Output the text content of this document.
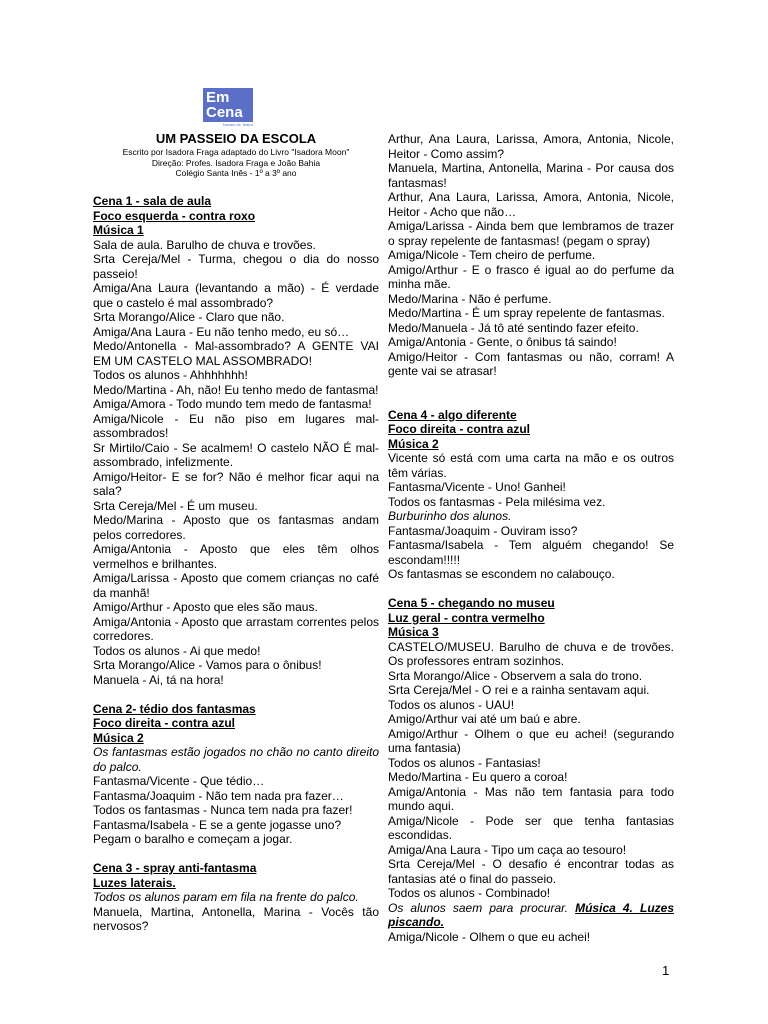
Em
Cena
Núcleo de Teatro
UM PASSEIO DA ESCOLA
Escrito por Isadora Fraga adaptado do Livro "Isadora Moon"
Direção: Profes. Isadora Fraga e João Bahia
Colégio Santa Inês - 1º a 3º ano

Cena 1 - sala de aula

Foco esquerda - contra roxo

Música 1

Sala de aula. Barulho de chuva e trovões.

Srta Cereja/Mel - Turma, chegou o dia do nosso passeio!

Amiga/Ana Laura (levantando a mão) - É verdade que o castelo é mal assombrado?

Srta Morango/Alice - Claro que não.

Amiga/Ana Laura - Eu não tenho medo, eu só…

Medo/Antonella - Mal-assombrado? A GENTE VAI EM UM CASTELO MAL ASSOMBRADO!

Todos os alunos - Ahhhhhhh!

Medo/Martina - Ah, não! Eu tenho medo de fantasma!

Amiga/Amora - Todo mundo tem medo de fantasma!

Amiga/Nicole - Eu não piso em lugares mal-assombrados!

Sr Mirtilo/Caio - Se acalmem! O castelo NÃO É mal-assombrado, infelizmente.

Amigo/Heitor- E se for? Não é melhor ficar aqui na sala?

Srta Cereja/Mel - É um museu.

Medo/Marina - Aposto que os fantasmas andam pelos corredores.

Amiga/Antonia - Aposto que eles têm olhos vermelhos e brilhantes.

Amiga/Larissa - Aposto que comem crianças no café da manhã!

Amigo/Arthur - Aposto que eles são maus.

Amiga/Antonia - Aposto que arrastam correntes pelos corredores.

Todos os alunos - Ai que medo!

Srta Morango/Alice - Vamos para o ônibus!

Manuela - Ai, tá na hora!

Cena 2- tédio dos fantasmas

Foco direita - contra azul

Música 2

Os fantasmas estão jogados no chão no canto direito do palco.

Fantasma/Vicente - Que tédio…

Fantasma/Joaquim - Não tem nada pra fazer…

Todos os fantasmas - Nunca tem nada pra fazer!

Fantasma/Isabela - E se a gente jogasse uno?

Pegam o baralho e começam a jogar.

Cena 3 - spray anti-fantasma

Luzes laterais.

Todos os alunos param em fila na frente do palco.

Manuela, Martina, Antonella, Marina - Vocês tão nervosos?

Arthur, Ana Laura, Larissa, Amora, Antonia, Nicole, Heitor - Como assim?

Manuela, Martina, Antonella, Marina - Por causa dos fantasmas!

Arthur, Ana Laura, Larissa, Amora, Antonia, Nicole, Heitor - Acho que não…

Amiga/Larissa - Ainda bem que lembramos de trazer o spray repelente de fantasmas! (pegam o spray)

Amiga/Nicole - Tem cheiro de perfume.

Amigo/Arthur - E o frasco é igual ao do perfume da minha mãe.

Medo/Marina - Não é perfume.

Medo/Martina - É um spray repelente de fantasmas.

Medo/Manuela - Já tô até sentindo fazer efeito.

Amiga/Antonia - Gente, o ônibus tá saindo!

Amigo/Heitor - Com fantasmas ou não, corram! A gente vai se atrasar!

Cena 4 - algo diferente

Foco direita - contra azul

Música 2

Vicente só está com uma carta na mão e os outros têm várias.

Fantasma/Vicente - Uno! Ganhei!

Todos os fantasmas - Pela milésima vez.

Burburinho dos alunos.

Fantasma/Joaquim - Ouviram isso?

Fantasma/Isabela - Tem alguém chegando! Se escondam!!!!!

Os fantasmas se escondem no calabouço.

Cena 5 - chegando no museu

Luz geral - contra vermelho

Música 3

CASTELO/MUSEU. Barulho de chuva e de trovões. Os professores entram sozinhos.

Srta Morango/Alice - Observem a sala do trono.

Srta Cereja/Mel - O rei e a rainha sentavam aqui.

Todos os alunos - UAU!

Amigo/Arthur vai até um baú e abre.

Amigo/Arthur - Olhem o que eu achei! (segurando uma fantasia)

Todos os alunos - Fantasias!

Medo/Martina - Eu quero a coroa!

Amiga/Antonia - Mas não tem fantasia para todo mundo aqui.

Amiga/Nicole - Pode ser que tenha fantasias escondidas.

Amiga/Ana Laura - Tipo um caça ao tesouro!

Srta Cereja/Mel - O desafio é encontrar todas as fantasias até o final do passeio.

Todos os alunos - Combinado!

Os alunos saem para procurar. Música 4. Luzes piscando.

Amiga/Nicole - Olhem o que eu achei!

1
